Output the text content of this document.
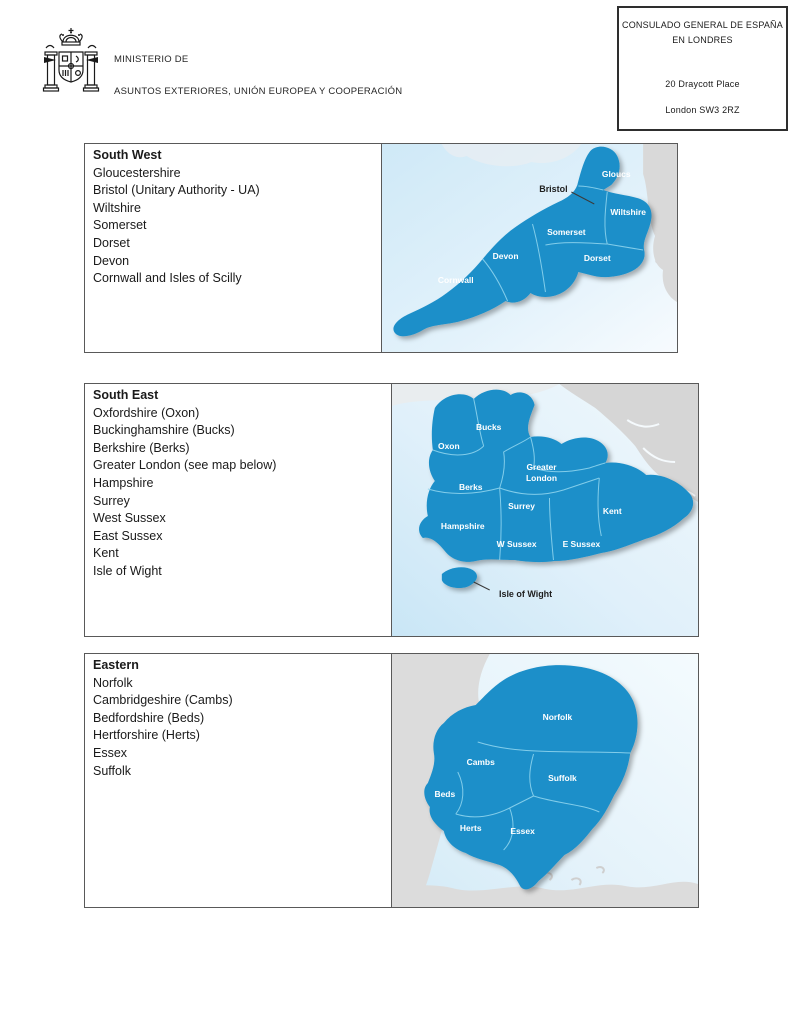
MINISTERIO DE
ASUNTOS EXTERIORES, UNIÓN EUROPEA Y COOPERACIÓN
CONSULADO GENERAL DE ESPAÑA
EN LONDRES
20 Draycott Place
London SW3 2RZ
South West
Gloucestershire
Bristol (Unitary Authority - UA)
Wiltshire
Somerset
Dorset
Devon
Cornwall and Isles of Scilly
Gloucs
Bristol
Wiltshire
Somerset
Devon	Dorset
Cornwall
South East
Oxfordshire (Oxon)
Buckinghamshire (Bucks)
Berkshire (Berks)
Greater London (see map below)
Hampshire
Surrey
West Sussex
East Sussex
Kent
Isle of Wight
Bucks
Oxon
Greater
London
Berks
Surrey	Kent
Hampshire
W Sussex	E Sussex
Isle of Wight
Eastern
Norfolk
Cambridgeshire (Cambs)
Bedfordshire (Beds)
Hertforshire (Herts)
Essex
Suffolk
Norfolk
Cambs
Suffolk
Beds
Herts	Essex
